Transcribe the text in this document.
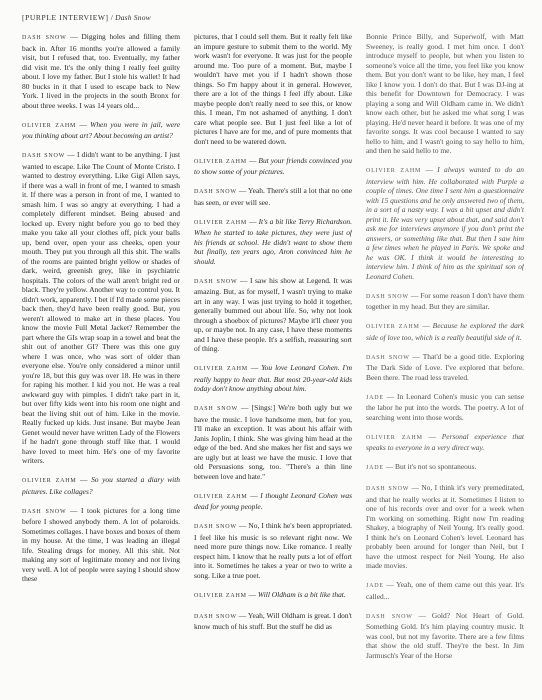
[PURPLE INTERVIEW] / Dash Snow

DASH SNOW — Digging holes and filling them back in. After 16 months you're allowed a family visit, but I refused that, too. Eventually, my father did visit me. It's the only thing I really feel guilty about. I love my father. But I stole his wallet! It had 80 bucks in it that I used to escape back to New York. I lived in the projects in the south Bronx for about three weeks. I was 14 years old...

OLIVIER ZAHM — When you were in jail, were you thinking about art? About becoming an artist?

DASH SNOW — I didn't want to be anything. I just wanted to escape. Like The Count of Monte Cristo. I wanted to destroy everything. Like Gigi Allen says, if there was a wall in front of me, I wanted to smash it. If there was a person in front of me, I wanted to smash him. I was so angry at everything. I had a completely different mindset. Being abused and locked up. Every night before you go to bed they make you take all your clothes off, pick your balls up, bend over, open your ass cheeks, open your mouth. They put you through all this shit. The walls of the rooms are painted bright yellow or shades of dark, weird, greenish grey, like in psychiatric hospitals. The colors of the wall aren't bright red or black. They're yellow. Another way to control you. It didn't work, apparently. I bet if I'd made some pieces back then, they'd have been really good. But, you weren't allowed to make art in these places. You know the movie Full Metal Jacket? Remember the part where the GIs wrap soap in a towel and beat the shit out of another GI? There was this one guy where I was once, who was sort of older than everyone else. You're only considered a minor until you're 18, but this guy was over 18. He was in there for raping his mother. I kid you not. He was a real awkward guy with pimples. I didn't take part in it, but over fifty kids went into his room one night and beat the living shit out of him. Like in the movie. Really fucked up kids. Just insane. But maybe Jean Genet would never have written Lady of the Flowers if he hadn't gone through stuff like that. I would have loved to meet him. He's one of my favorite writers.

OLIVIER ZAHM — So you started a diary with pictures. Like collages?

DASH SNOW — I took pictures for a long time before I showed anybody them. A lot of polaroids. Sometimes collages. I have boxes and boxes of them in my house. At the time, I was leading an illegal life. Stealing drugs for money. All this shit. Not making any sort of legitimate money and not living very well. A lot of people were saying I should show these

pictures, that I could sell them. But it really felt like an impure gesture to submit them to the world. My work wasn't for everyone. It was just for the people around me. Too pure of a moment. But, maybe I wouldn't have met you if I hadn't shown those things. So I'm happy about it in general. However, there are a lot of the things I feel iffy about. Like maybe people don't really need to see this, or know this. I mean, I'm not ashamed of anything. I don't care what people see. But I just feel like a lot of pictures I have are for me, and of pure moments that don't need to be watered down.

OLIVIER ZAHM — But your friends convinced you to show some of your pictures.

DASH SNOW — Yeah. There's still a lot that no one has seen, or ever will see.

OLIVIER ZAHM — It's a bit like Terry Richardson. When he started to take pictures, they were just of his friends at school. He didn't want to show them but finally, ten years ago, Aron convinced him he should.

DASH SNOW — I saw his show at Legend. It was amazing. But, as for myself, I wasn't trying to make art in any way. I was just trying to hold it together, generally bummed out about life. So, why not look through a shoebox of pictures? Maybe it'll cheer you up, or maybe not. In any case, I have these moments and I have these people. It's a selfish, reassuring sort of thing.

OLIVIER ZAHM — You love Leonard Cohen. I'm really happy to hear that. But most 20-year-old kids today don't know anything about him.

DASH SNOW — [Sings:] We're both ugly but we have the music. I love handsome men, but for you, I'll make an exception. It was about his affair with Janis Joplin, I think. She was giving him head at the edge of the bed. And she makes her fist and says we are ugly but at least we have the music. I love that old Persuasions song, too. "There's a thin line between love and hate."

OLIVIER ZAHM — I thought Leonard Cohen was dead for young people.

DASH SNOW — No, I think he's been appropriated. I feel like his music is so relevant right now. We need more pure things now. Like romance. I really respect him. I know that he really puts a lot of effort into it. Sometimes he takes a year or two to write a song. Like a true poet.

OLIVIER ZAHM — Will Oldham is a bit like that.

DASH SNOW — Yeah, Will Oldham is great. I don't know much of his stuff. But the stuff he did as

Bonnie Prince Billy, and Superwolf, with Matt Sweeney, is really good. I met him once. I don't introduce myself to people, but when you listen to someone's voice all the time, you feel like you know them. But you don't want to be like, hey man, I feel like I know you. I don't do that. But I was DJ-ing at this benefit for Downtown for Democracy. I was playing a song and Will Oldham came in. We didn't know each other, but he asked me what song I was playing. He'd never heard it before. It was one of my favorite songs. It was cool because I wanted to say hello to him, and I wasn't going to say hello to him, and then he said hello to me.

OLIVIER ZAHM — I always wanted to do an interview with him. He collaborated with Purple a couple of times. One time I sent him a questionnaire with 15 questions and he only answered two of them, in a sort of a nasty way. I was a bit upset and didn't print it. He was very upset about that, and said don't ask me for interviews anymore if you don't print the answers, or something like that. But then I saw him a few times when he played in Paris. We spoke and he was OK. I think it would be interesting to interview him. I think of him as the spiritual son of Leonard Cohen.

DASH SNOW — For some reason I don't have them together in my head. But they are similar.

OLIVIER ZAHM — Because he explored the dark side of love too, which is a really beautiful side of it.

DASH SNOW — That'd be a good title. Exploring The Dark Side of Love. I've explored that before. Been there. The road less traveled.

JADE — In Leonard Cohen's music you can sense the labor he put into the words. The poetry. A lot of searching went into those words.

OLIVIER ZAHM — Personal experience that speaks to everyone in a very direct way.

JADE — But it's not so spontaneous.

DASH SNOW — No, I think it's very premeditated, and that he really works at it. Sometimes I listen to one of his records over and over for a week when I'm working on something. Right now I'm reading Shakey, a biography of Neil Young. It's really good. I think he's on Leonard Cohen's level. Leonard has probably been around for longer than Neil, but I have the utmost respect for Neil Young. He also made movies.

JADE — Yeah, one of them came out this year. It's called...

DASH SNOW — Gold? Not Heart of Gold. Something Gold. It's him playing country music. It was cool, but not my favorite. There are a few films that show the old stuff. They're the best. In Jim Jarmusch's Year of the Horse
